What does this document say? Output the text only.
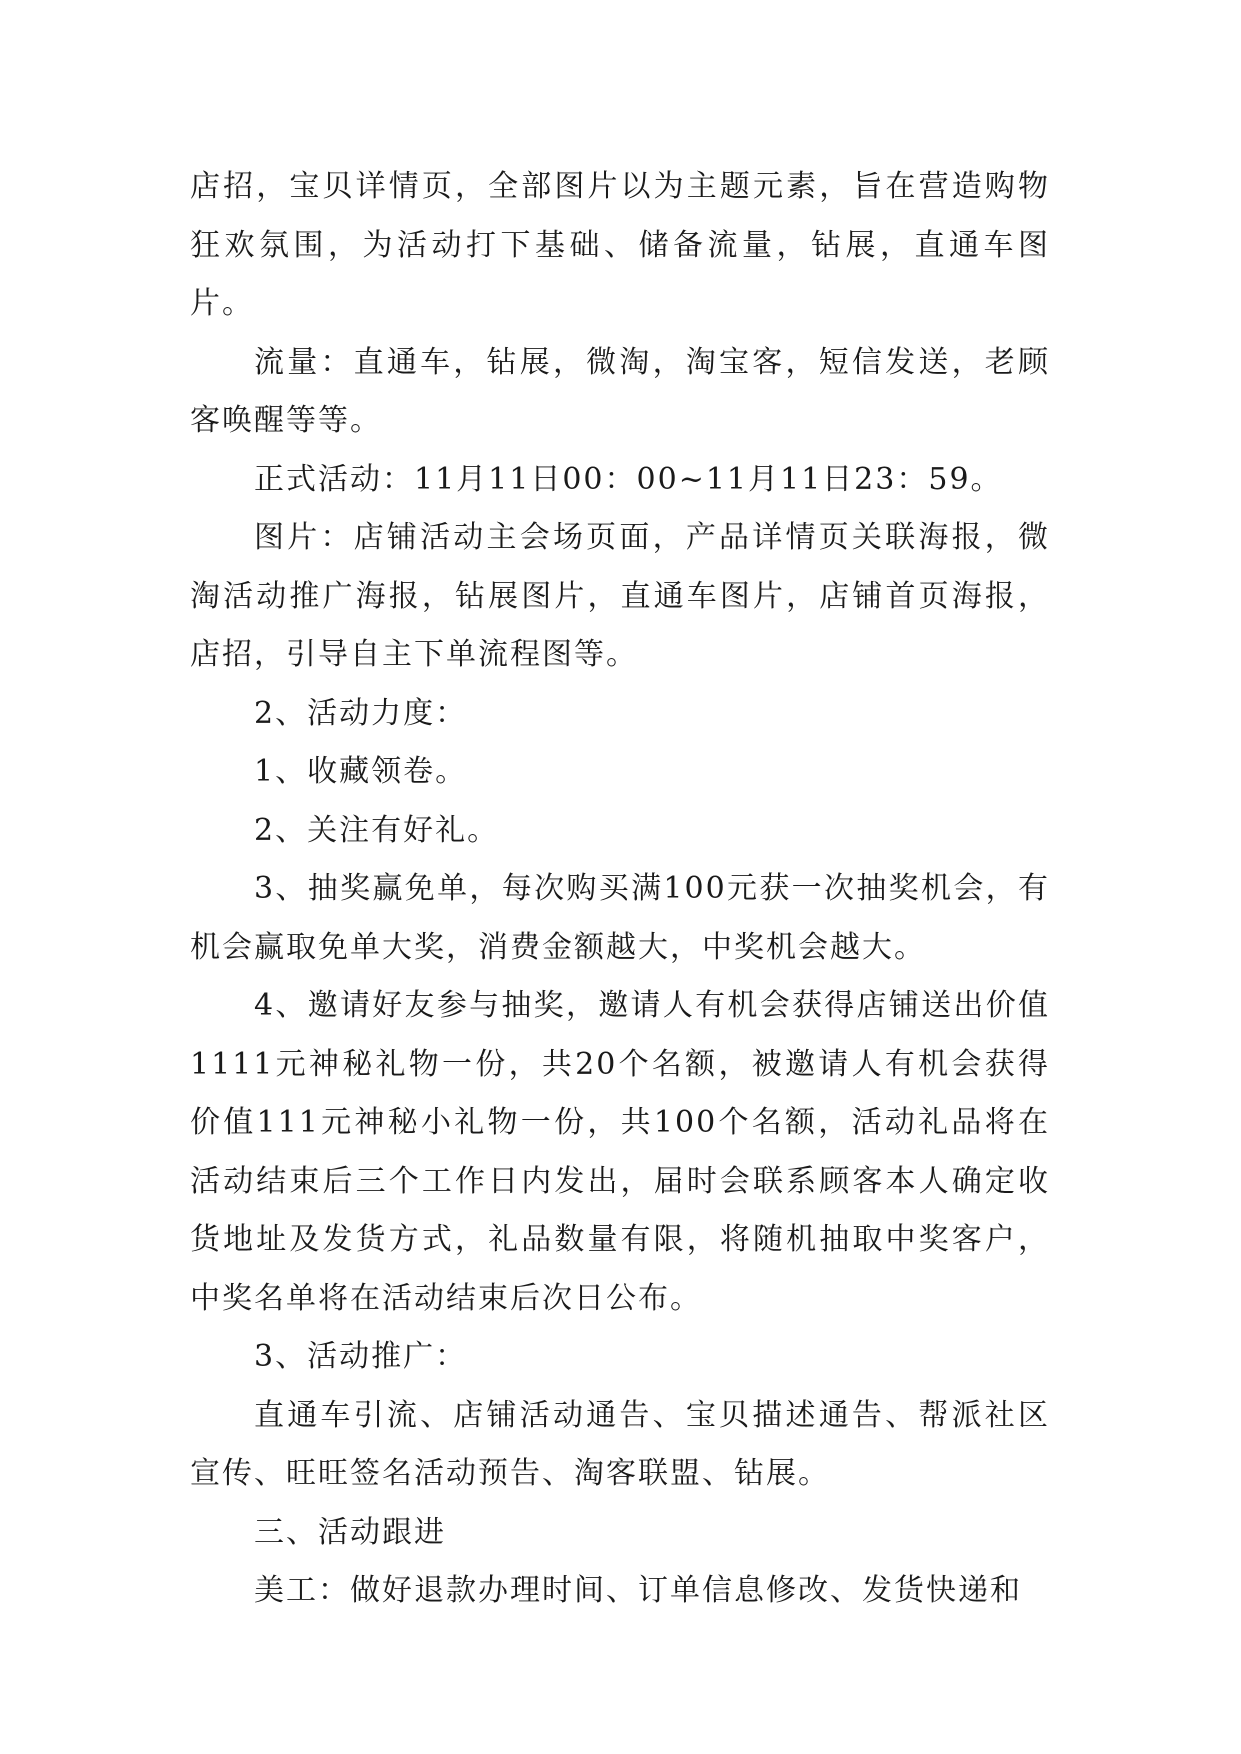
店招，宝贝详情页，全部图片以为主题元素，旨在营造购物狂欢氛围，为活动打下基础、储备流量，钻展，直通车图片。

流量：直通车，钻展，微淘，淘宝客，短信发送，老顾客唤醒等等。

正式活动：11月11日00：00~11月11日23：59。

图片：店铺活动主会场页面，产品详情页关联海报，微淘活动推广海报，钻展图片，直通车图片，店铺首页海报，店招，引导自主下单流程图等。

2、活动力度：

1、收藏领卷。

2、关注有好礼。

3、抽奖赢免单，每次购买满100元获一次抽奖机会，有机会赢取免单大奖，消费金额越大，中奖机会越大。

4、邀请好友参与抽奖，邀请人有机会获得店铺送出价值1111元神秘礼物一份，共20个名额，被邀请人有机会获得价值111元神秘小礼物一份，共100个名额，活动礼品将在活动结束后三个工作日内发出，届时会联系顾客本人确定收货地址及发货方式，礼品数量有限，将随机抽取中奖客户，中奖名单将在活动结束后次日公布。

3、活动推广：

直通车引流、店铺活动通告、宝贝描述通告、帮派社区宣传、旺旺签名活动预告、淘客联盟、钻展。

三、活动跟进

美工：做好退款办理时间、订单信息修改、发货快递和
